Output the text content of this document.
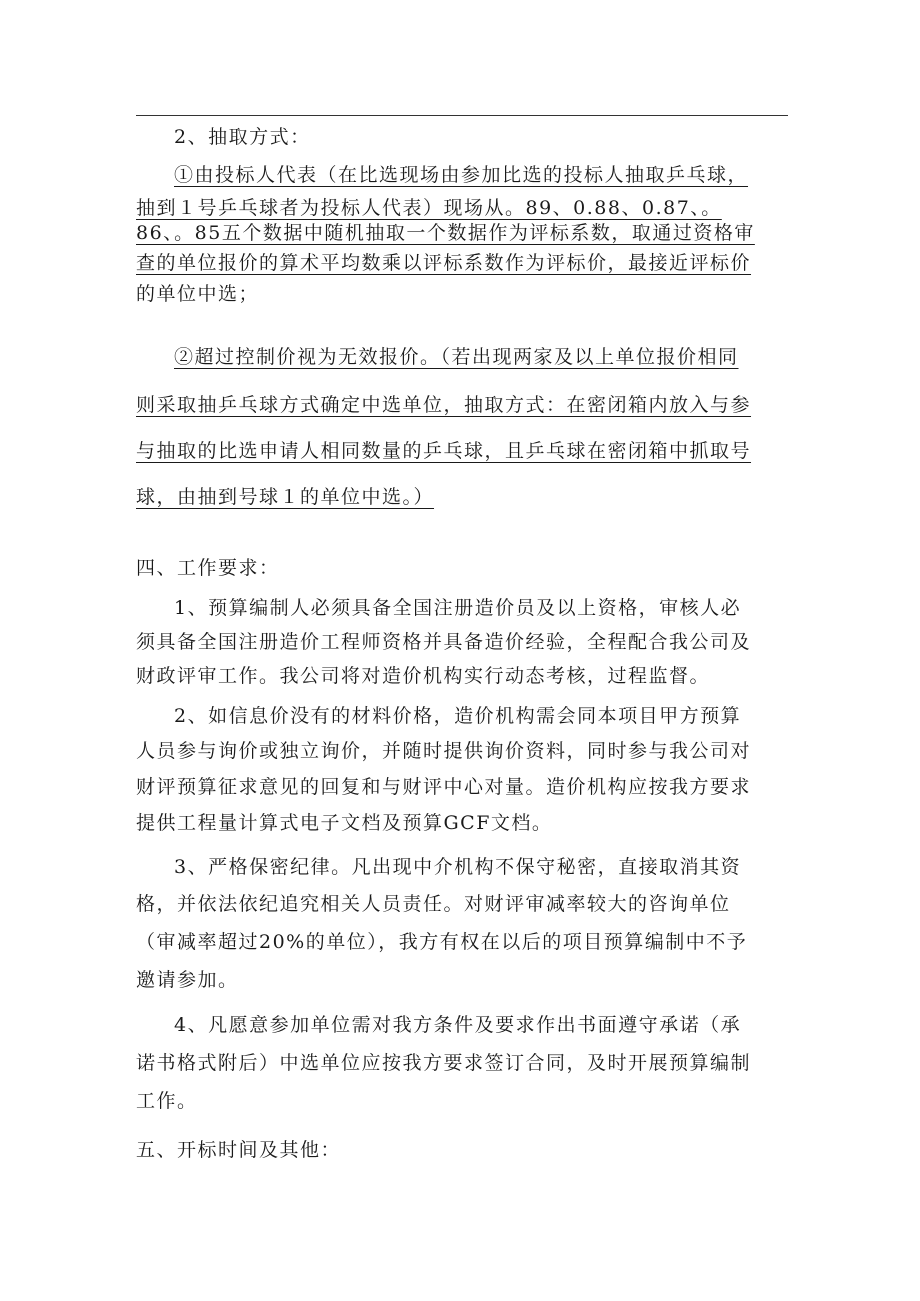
2、抽取方式：
①由投标人代表（在比选现场由参加比选的投标人抽取乒乓球，
抽到１号乒乓球者为投标人代表）现场从。89、0.88、0.87、。
86、。85五个数据中随机抽取一个数据作为评标系数，取通过资格审
查的单位报价的算术平均数乘以评标系数作为评标价，最接近评标价
的单位中选；
②超过控制价视为无效报价。（若出现两家及以上单位报价相同
则采取抽乒乓球方式确定中选单位，抽取方式：在密闭箱内放入与参
与抽取的比选申请人相同数量的乒乓球，且乒乓球在密闭箱中抓取号
球，由抽到号球１的单位中选。）
四、工作要求：
1、预算编制人必须具备全国注册造价员及以上资格，审核人必
须具备全国注册造价工程师资格并具备造价经验，全程配合我公司及
财政评审工作。我公司将对造价机构实行动态考核，过程监督。
2、如信息价没有的材料价格，造价机构需会同本项目甲方预算
人员参与询价或独立询价，并随时提供询价资料，同时参与我公司对
财评预算征求意见的回复和与财评中心对量。造价机构应按我方要求
提供工程量计算式电子文档及预算GCF文档。
3、严格保密纪律。凡出现中介机构不保守秘密，直接取消其资
格，并依法依纪追究相关人员责任。对财评审减率较大的咨询单位
（审减率超过20%的单位），我方有权在以后的项目预算编制中不予
邀请参加。
4、凡愿意参加单位需对我方条件及要求作出书面遵守承诺（承
诺书格式附后）中选单位应按我方要求签订合同，及时开展预算编制
工作。
五、开标时间及其他：
